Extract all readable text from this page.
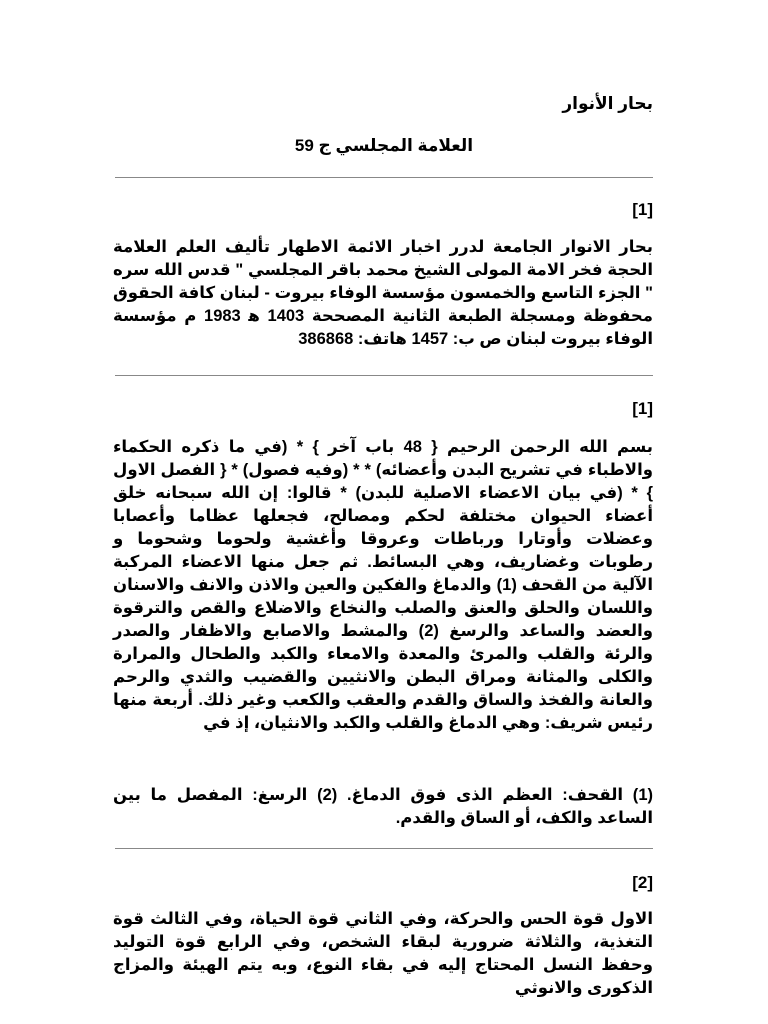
بحار الأنوار
العلامة المجلسي ج 59
[1]
بحار الانوار الجامعة لدرر اخبار الائمة الاطهار تأليف العلم العلامة الحجة فخر الامة المولى الشيخ محمد باقر المجلسي " قدس الله سره " الجزء التاسع والخمسون مؤسسة الوفاء بيروت - لبنان كافة الحقوق محفوظة ومسجلة الطبعة الثانية المصححة 1403 ه‍ 1983 م مؤسسة الوفاء بيروت لبنان ص ب: 1457 هاتف: 386868
[1]
بسم الله الرحمن الرحيم { 48 باب آخر } * (في ما ذكره الحكماء والاطباء في تشريح البدن وأعضائه) * * (وفيه فصول) * { الفصل الاول } * (في بيان الاعضاء الاصلية للبدن) * قالوا: إن الله سبحانه خلق أعضاء الحيوان مختلفة لحكم ومصالح، فجعلها عظاما وأعصابا وعضلات وأوتارا ورباطات وعروقا وأغشية ولحوما وشحوما و رطوبات وغضاريف، وهي البسائط. ثم جعل منها الاعضاء المركبة الآلية من القحف (1) والدماغ والفكين والعين والاذن والانف والاسنان واللسان والحلق والعنق والصلب والنخاع والاضلاع والقص والترقوة والعضد والساعد والرسغ (2) والمشط والاصابع والاظفار والصدر والرئة والقلب والمرئ والمعدة والامعاء والكبد والطحال والمرارة والكلى والمثانة ومراق البطن والانثيين والقضيب والثدي والرحم والعانة والفخذ والساق والقدم والعقب والكعب وغير ذلك. أربعة منها رئيس شريف: وهي الدماغ والقلب والكبد والانثيان، إذ في
(1) القحف: العظم الذى فوق الدماغ. (2) الرسغ: المفصل ما بين الساعد والكف، أو الساق والقدم.
[2]
الاول قوة الحس والحركة، وفي الثاني قوة الحياة، وفي الثالث قوة التغذية، والثلاثة ضرورية لبقاء الشخص، وفي الرابع قوة التوليد وحفظ النسل المحتاج إليه في بقاء النوع، وبه يتم الهيئة والمزاج الذكورى والانوثي
